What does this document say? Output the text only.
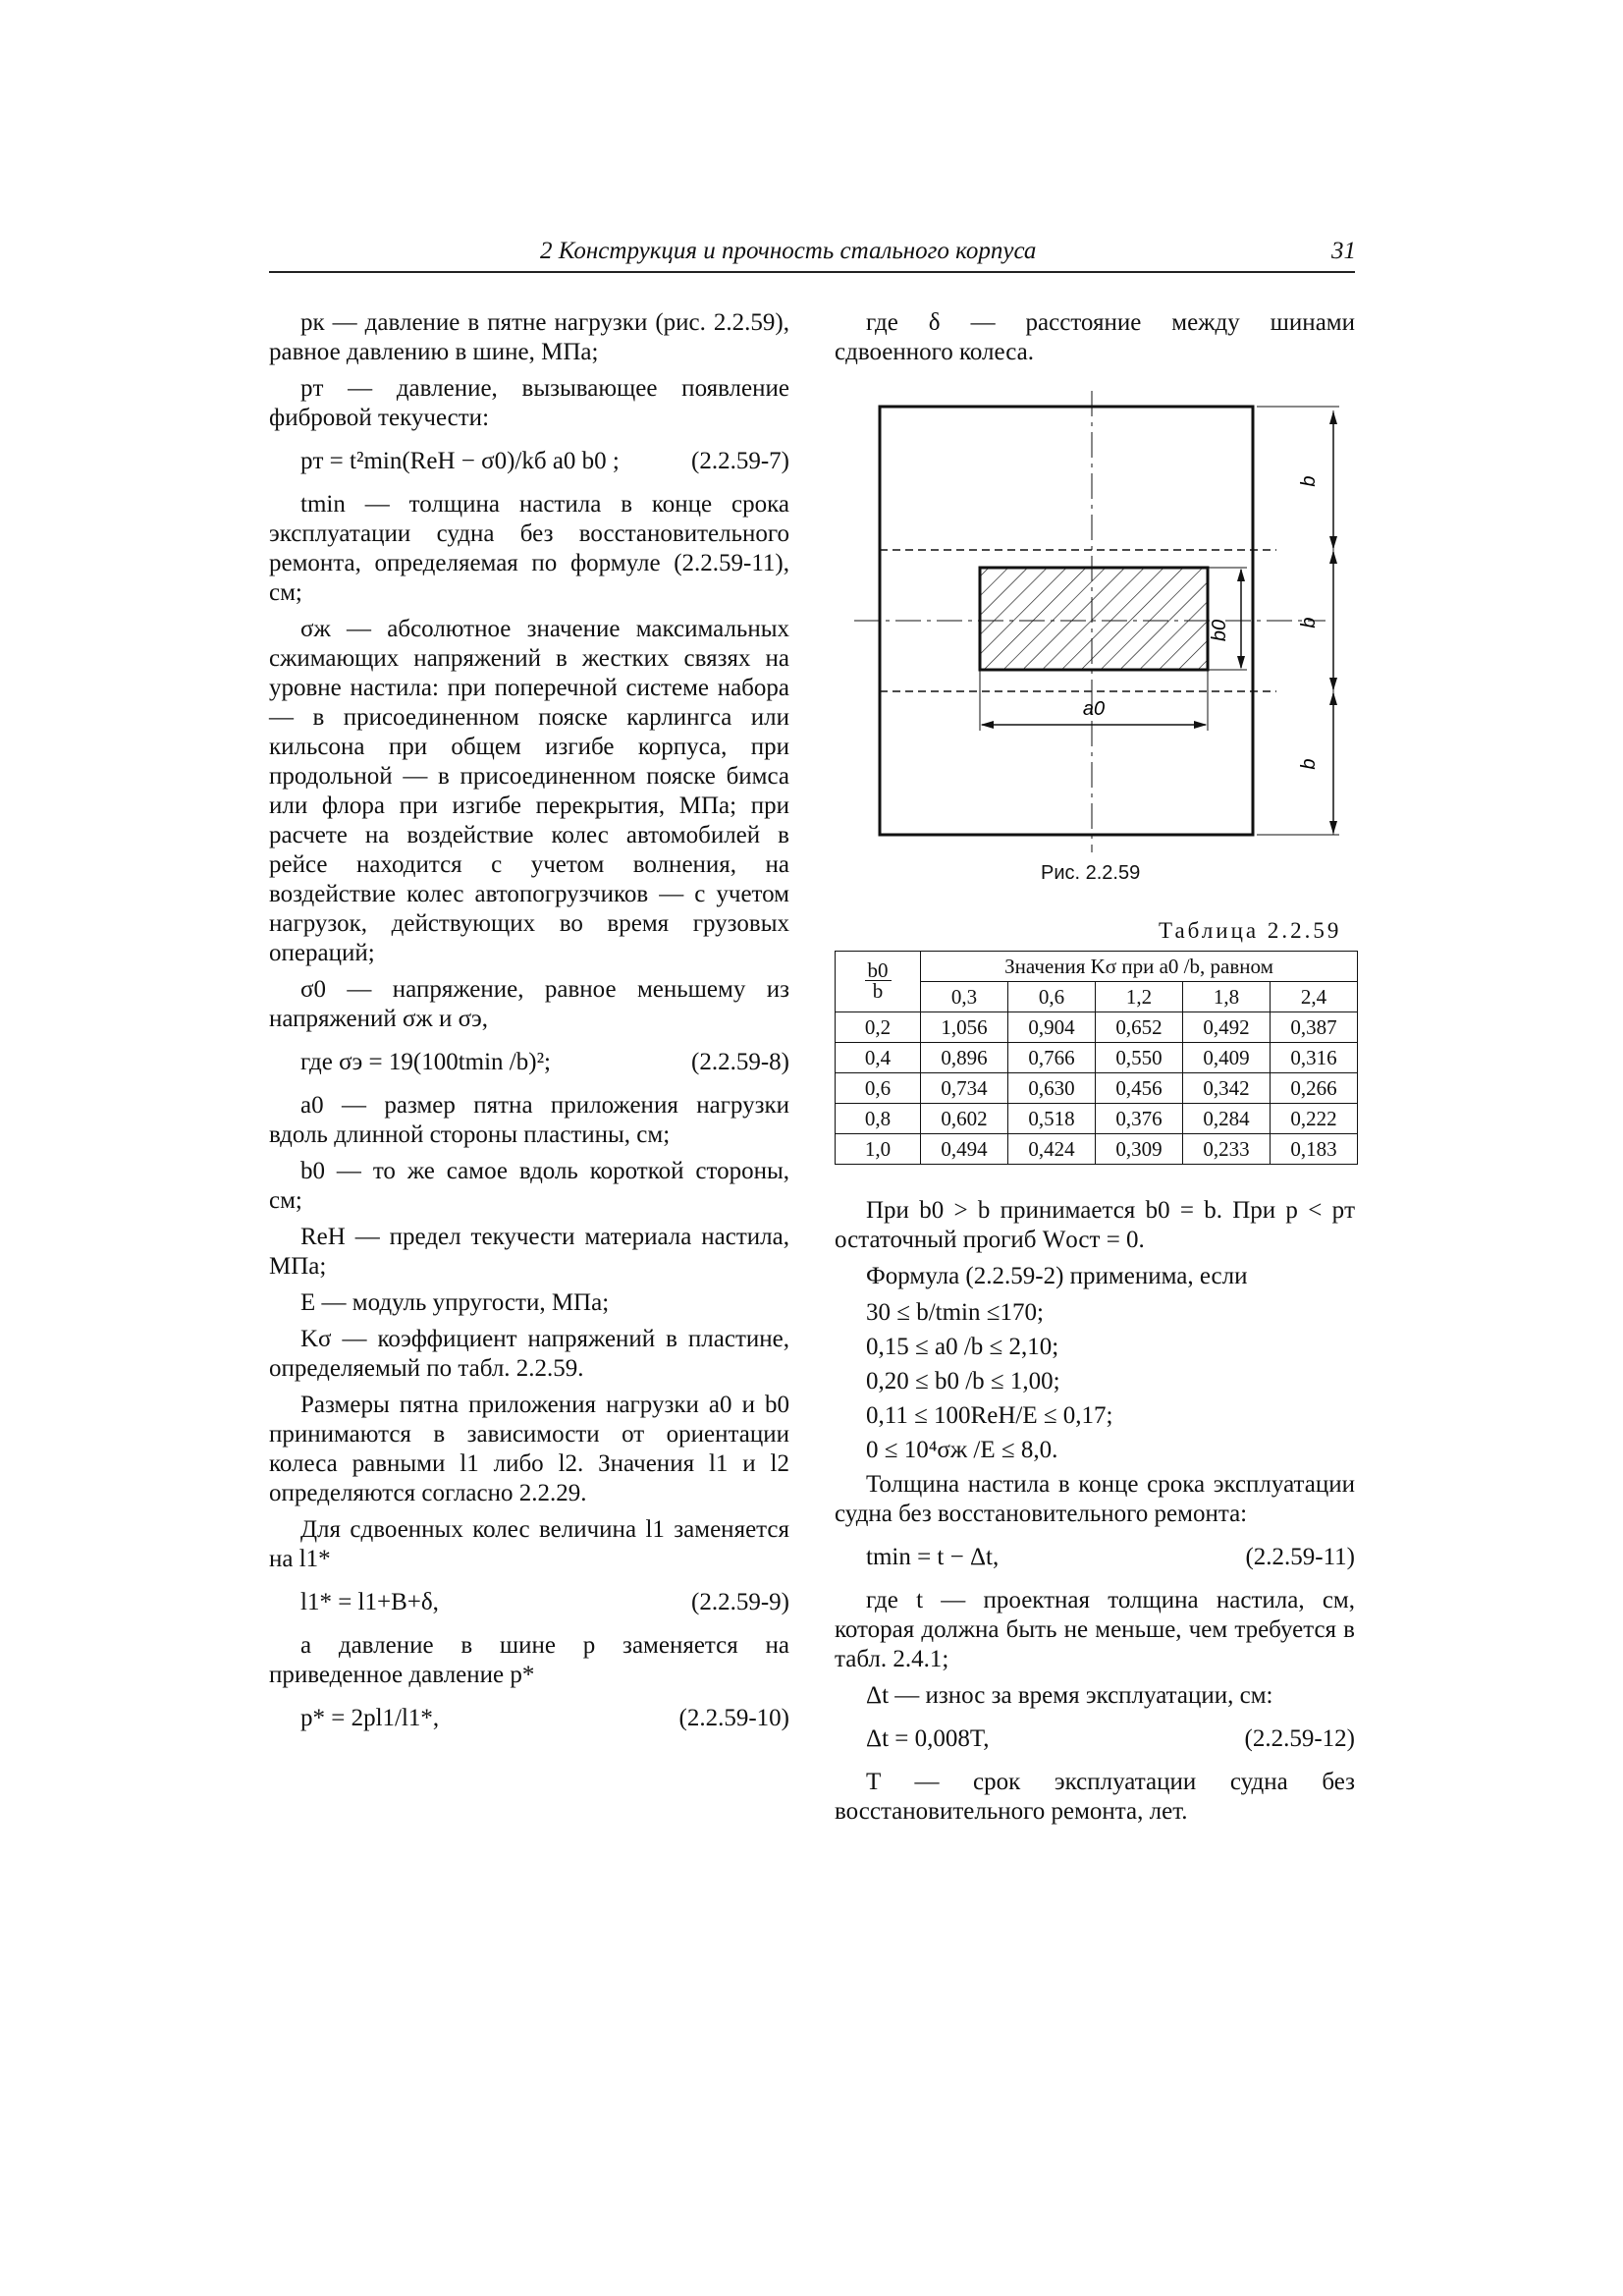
2 Конструкция и прочность стального корпуса	31

pк — давление в пятне нагрузки (рис. 2.2.59), равное давлению в шине, МПа;

pт — давление, вызывающее появление фибровой текучести:

pт = t²min(ReH − σ0)/kб a0 b0 ;	(2.2.59-7)

tmin — толщина настила в конце срока эксплуатации судна без восстановительного ремонта, определяемая по формуле (2.2.59-11), см;

σж — абсолютное значение максимальных сжимающих напряжений в жестких связях на уровне настила: при поперечной системе набора — в присоединенном пояске карлингса или кильсона при общем изгибе корпуса, при продольной — в присоединенном пояске бимса или флора при изгибе перекрытия, МПа; при расчете на воздействие колес автомобилей в рейсе находится с учетом волнения, на воздействие колес автопогрузчиков — с учетом нагрузок, действующих во время грузовых операций;

σ0 — напряжение, равное меньшему из напряжений σж и σэ,

где σэ = 19(100tmin /b)²;	(2.2.59-8)

a0 — размер пятна приложения нагрузки вдоль длинной стороны пластины, см;

b0 — то же самое вдоль короткой стороны, см;

ReH — предел текучести материала настила, МПа;

E — модуль упругости, МПа;

Kσ — коэффициент напряжений в пластине, определяемый по табл. 2.2.59.

Размеры пятна приложения нагрузки a0 и b0 принимаются в зависимости от ориентации колеса равными l1 либо l2. Значения l1 и l2 определяются согласно 2.2.29.

Для сдвоенных колес величина l1 заменяется на l1*

l1* = l1+B+δ,	(2.2.59-9)

а давление в шине p заменяется на приведенное давление p*

p* = 2pl1/l1*,	(2.2.59-10)

где δ — расстояние между шинами сдвоенного колеса.

b
b
b
b0
a0
Рис. 2.2.59
Таблица 2.2.59
$\frac{b0}{b}$	Значения Kσ при a0 /b, равном				
	0,3	0,6	1,2	1,8	2,4
0,2	1,056	0,904	0,652	0,492	0,387
0,4	0,896	0,766	0,550	0,409	0,316
0,6	0,734	0,630	0,456	0,342	0,266
0,8	0,602	0,518	0,376	0,284	0,222
1,0	0,494	0,424	0,309	0,233	0,183

При b0 > b принимается b0 = b. При p < pт остаточный прогиб Wост = 0.

Формула (2.2.59-2) применима, если

30 ≤ b/tmin ≤170;
0,15 ≤ a0 /b ≤ 2,10;
0,20 ≤ b0 /b ≤ 1,00;
0,11 ≤ 100ReH/E ≤ 0,17;
0 ≤ 10⁴σж /E ≤ 8,0.

Толщина настила в конце срока эксплуатации судна без восстановительного ремонта:

tmin = t − Δt,	(2.2.59-11)

где t — проектная толщина настила, см, которая должна быть не меньше, чем требуется в табл. 2.4.1;

Δt — износ за время эксплуатации, см:

Δt = 0,008T,	(2.2.59-12)

T — срок эксплуатации судна без восстановительного ремонта, лет.
